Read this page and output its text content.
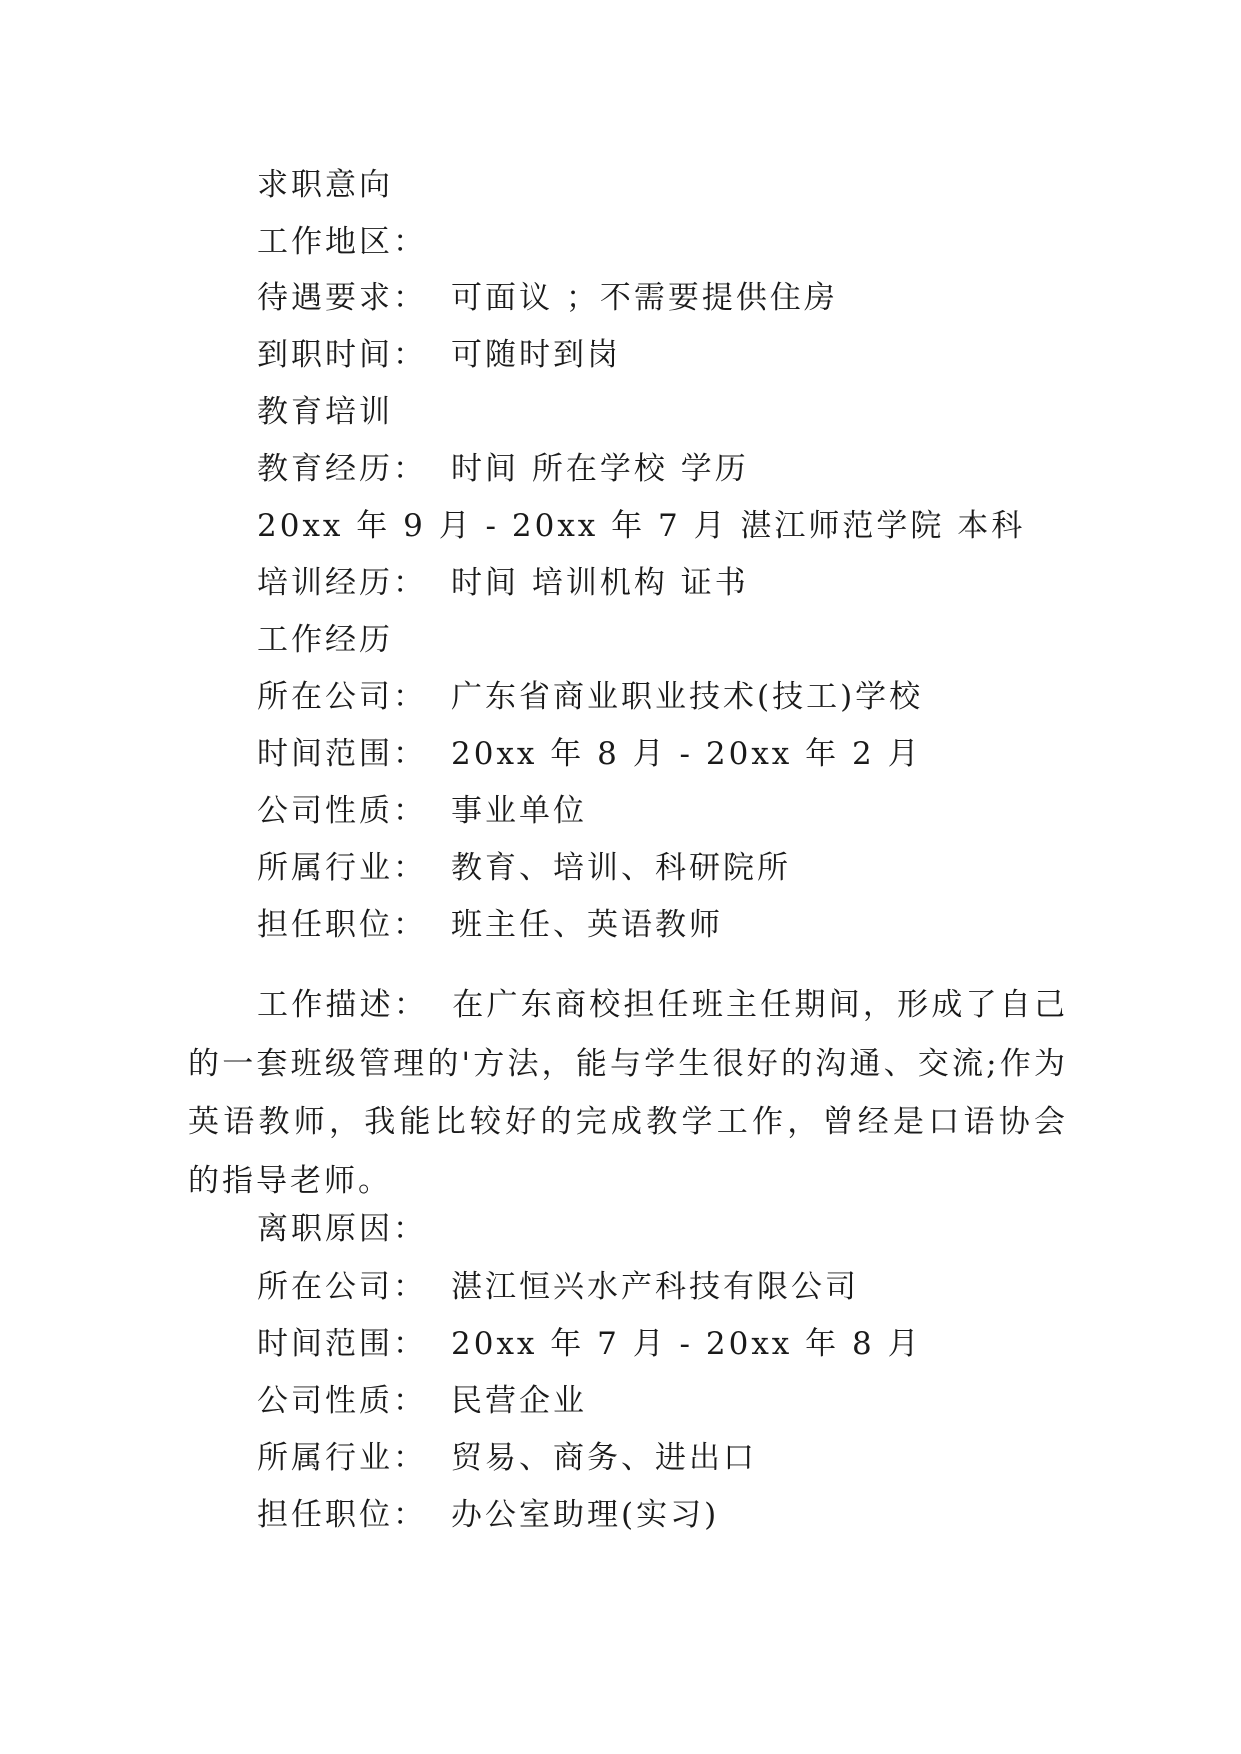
求职意向
工作地区：
待遇要求： 可面议 ；不需要提供住房
到职时间： 可随时到岗
教育培训
教育经历： 时间 所在学校 学历
20xx 年 9 月 - 20xx 年 7 月 湛江师范学院 本科
培训经历： 时间 培训机构 证书
工作经历
所在公司： 广东省商业职业技术(技工)学校
时间范围： 20xx 年 8 月 - 20xx 年 2 月
公司性质： 事业单位
所属行业： 教育、培训、科研院所
担任职位： 班主任、英语教师

工作描述： 在广东商校担任班主任期间，形成了自己的一套班级管理的'方法，能与学生很好的沟通、交流;作为英语教师，我能比较好的完成教学工作，曾经是口语协会的指导老师。

离职原因：
所在公司： 湛江恒兴水产科技有限公司
时间范围： 20xx 年 7 月 - 20xx 年 8 月
公司性质： 民营企业
所属行业： 贸易、商务、进出口
担任职位： 办公室助理(实习)
